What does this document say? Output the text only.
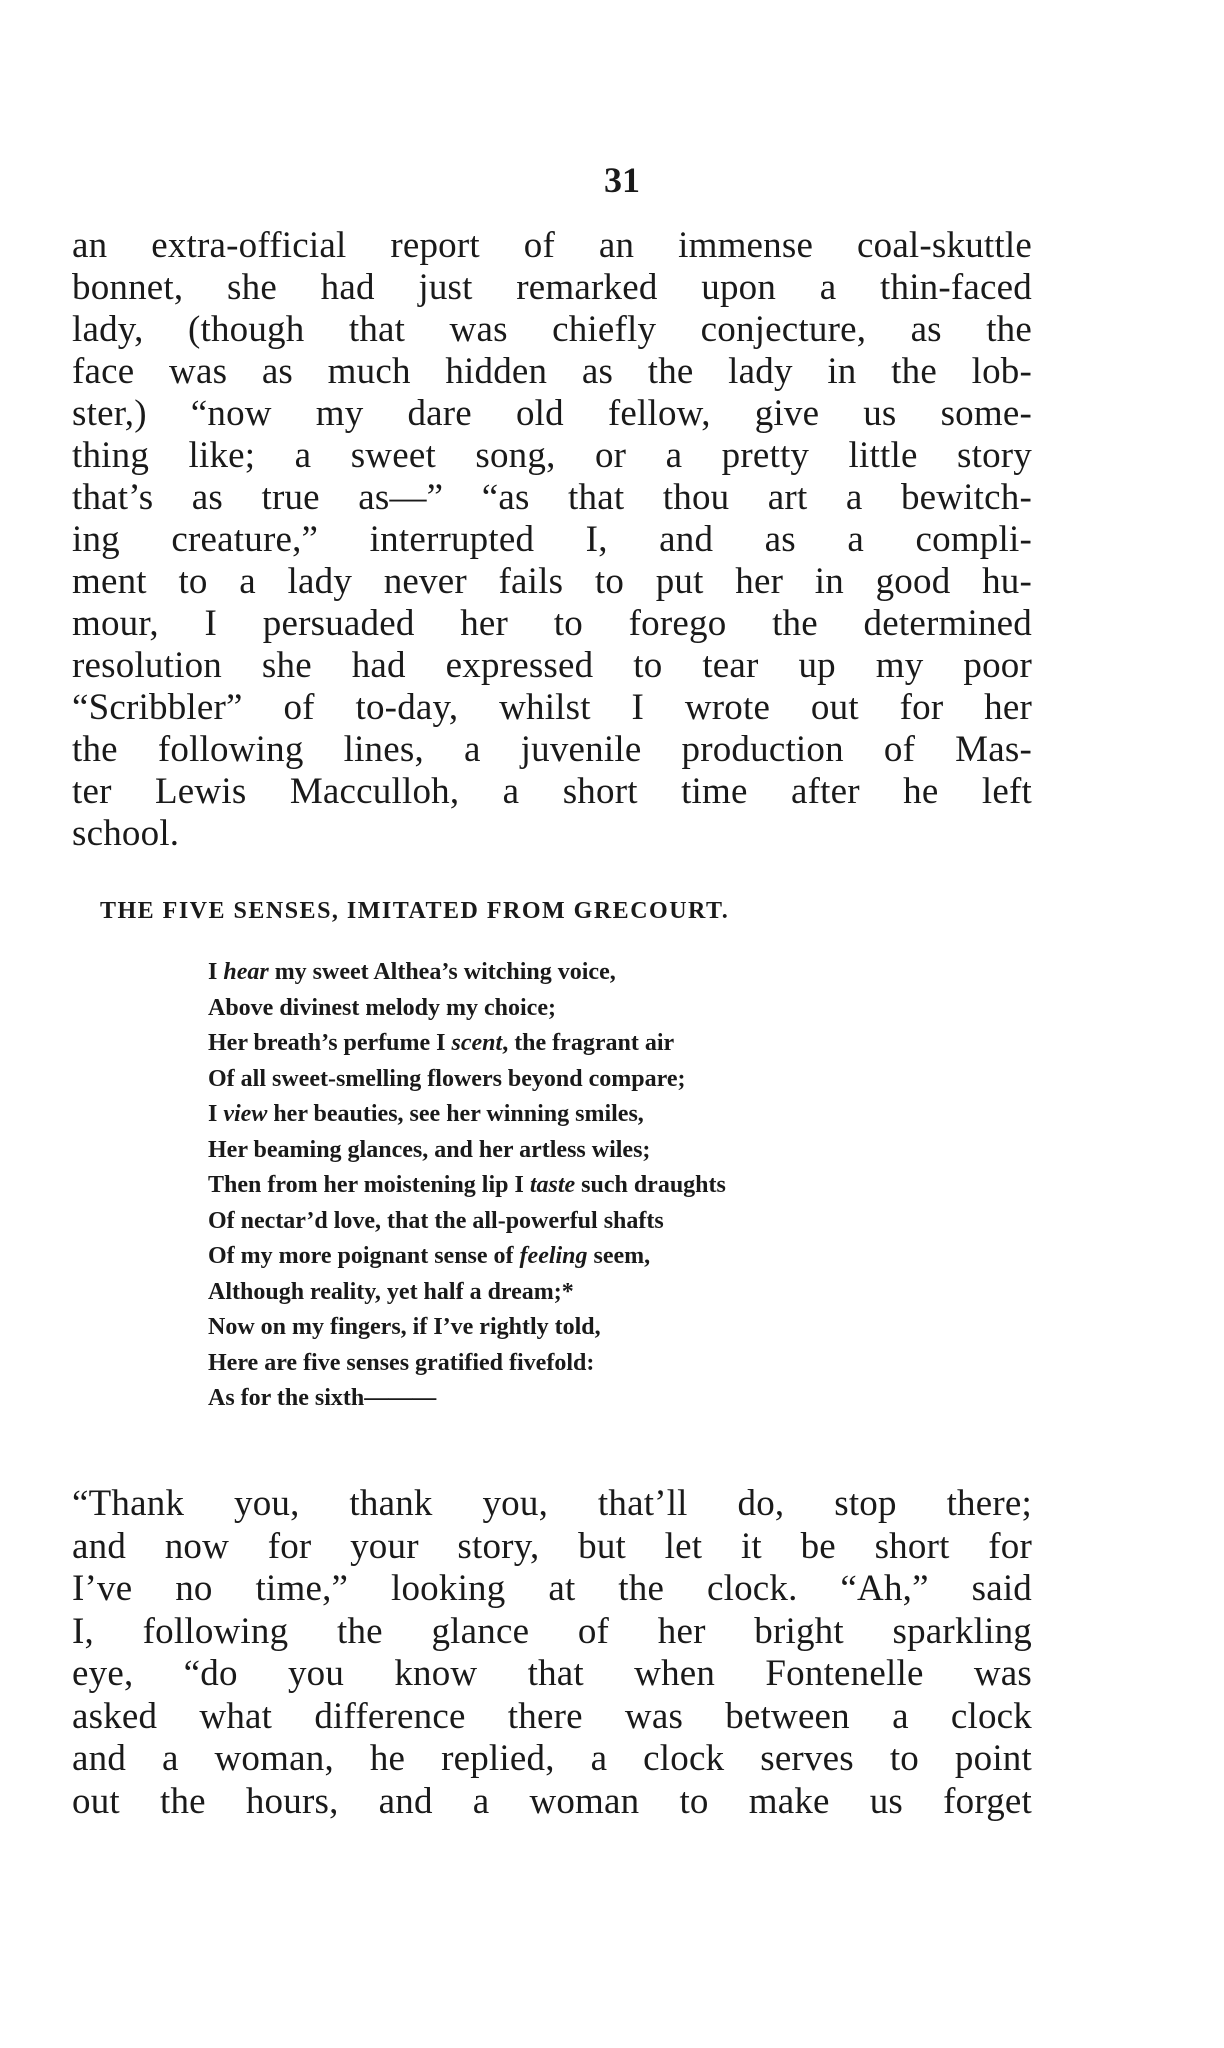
31
an extra-official report of an immense coal-skuttle
bonnet, she had just remarked upon a thin-faced
lady, (though that was chiefly conjecture, as the
face was as much hidden as the lady in the lob-
ster,) “now my dare old fellow, give us some-
thing like; a sweet song, or a pretty little story
that’s as true as—” “as that thou art a bewitch-
ing creature,” interrupted I, and as a compli-
ment to a lady never fails to put her in good hu-
mour, I persuaded her to forego the determined
resolution she had expressed to tear up my poor
“Scribbler” of to-day, whilst I wrote out for her
the following lines, a juvenile production of Mas-
ter Lewis Macculloh, a short time after he left
school.
THE FIVE SENSES, IMITATED FROM GRECOURT.
I hear my sweet Althea’s witching voice,
Above divinest melody my choice;
Her breath’s perfume I scent, the fragrant air
Of all sweet-smelling flowers beyond compare;
I view her beauties, see her winning smiles,
Her beaming glances, and her artless wiles;
Then from her moistening lip I taste such draughts
Of nectar’d love, that the all-powerful shafts
Of my more poignant sense of feeling seem,
Although reality, yet half a dream;*
Now on my fingers, if I’ve rightly told,
Here are five senses gratified fivefold:
As for the sixth———
“Thank you, thank you, that’ll do, stop there;
and now for your story, but let it be short for
I’ve no time,” looking at the clock. “Ah,” said
I, following the glance of her bright sparkling
eye, “do you know that when Fontenelle was
asked what difference there was between a clock
and a woman, he replied, a clock serves to point
out the hours, and a woman to make us forget
